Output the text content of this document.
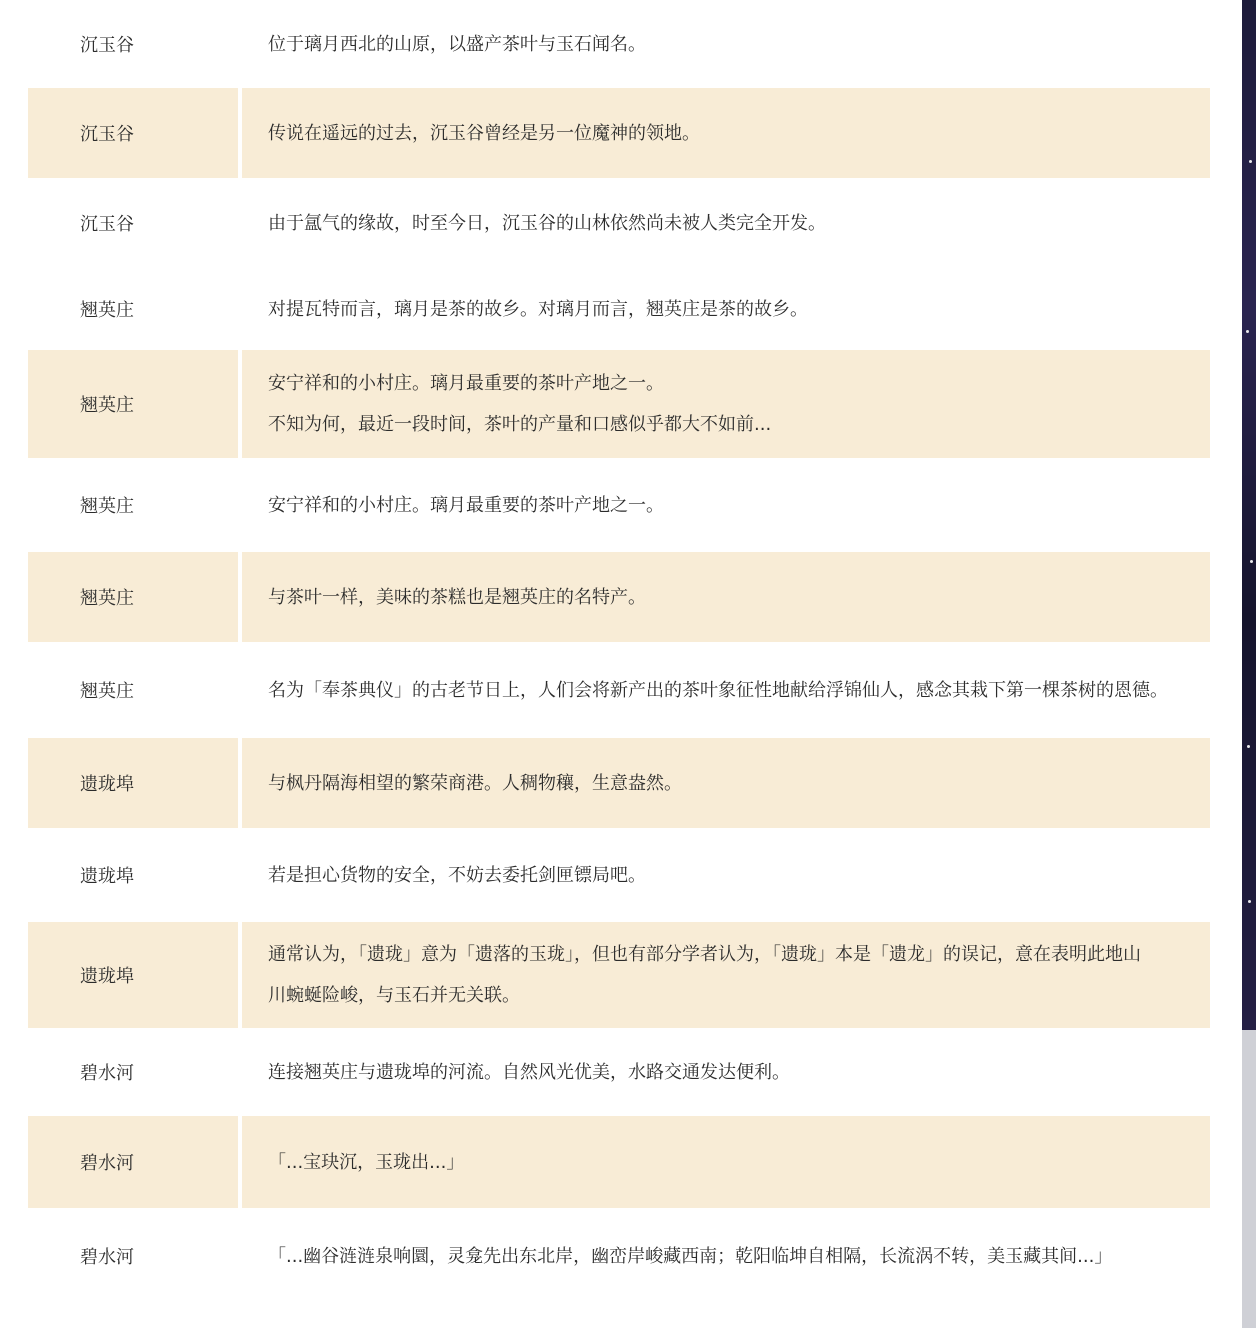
沉玉谷	位于璃月西北的山原，以盛产茶叶与玉石闻名。

沉玉谷	传说在遥远的过去，沉玉谷曾经是另一位魔神的领地。

沉玉谷	由于氲气的缘故，时至今日，沉玉谷的山林依然尚未被人类完全开发。

翘英庄	对提瓦特而言，璃月是茶的故乡。对璃月而言，翘英庄是茶的故乡。

翘英庄	安宁祥和的小村庄。璃月最重要的茶叶产地之一。
不知为何，最近一段时间，茶叶的产量和口感似乎都大不如前...

翘英庄	安宁祥和的小村庄。璃月最重要的茶叶产地之一。

翘英庄	与茶叶一样，美味的茶糕也是翘英庄的名特产。

翘英庄	名为「奉茶典仪」的古老节日上，人们会将新产出的茶叶象征性地献给浮锦仙人，感念其栽下第一棵茶树的恩德。

遗珑埠	与枫丹隔海相望的繁荣商港。人稠物穰，生意盎然。

遗珑埠	若是担心货物的安全，不妨去委托剑匣镖局吧。

遗珑埠	通常认为，「遗珑」意为「遗落的玉珑」，但也有部分学者认为，「遗珑」本是「遗龙」的误记，意在表明此地山
川蜿蜒险峻，与玉石并无关联。

碧水河	连接翘英庄与遗珑埠的河流。自然风光优美，水路交通发达便利。

碧水河	「...宝玦沉，玉珑出...」

碧水河	「...幽谷涟涟泉响圜，灵龛先出东北岸，幽峦岸峻藏西南；乾阳临坤自相隔，长流涡不转，美玉藏其间...」
